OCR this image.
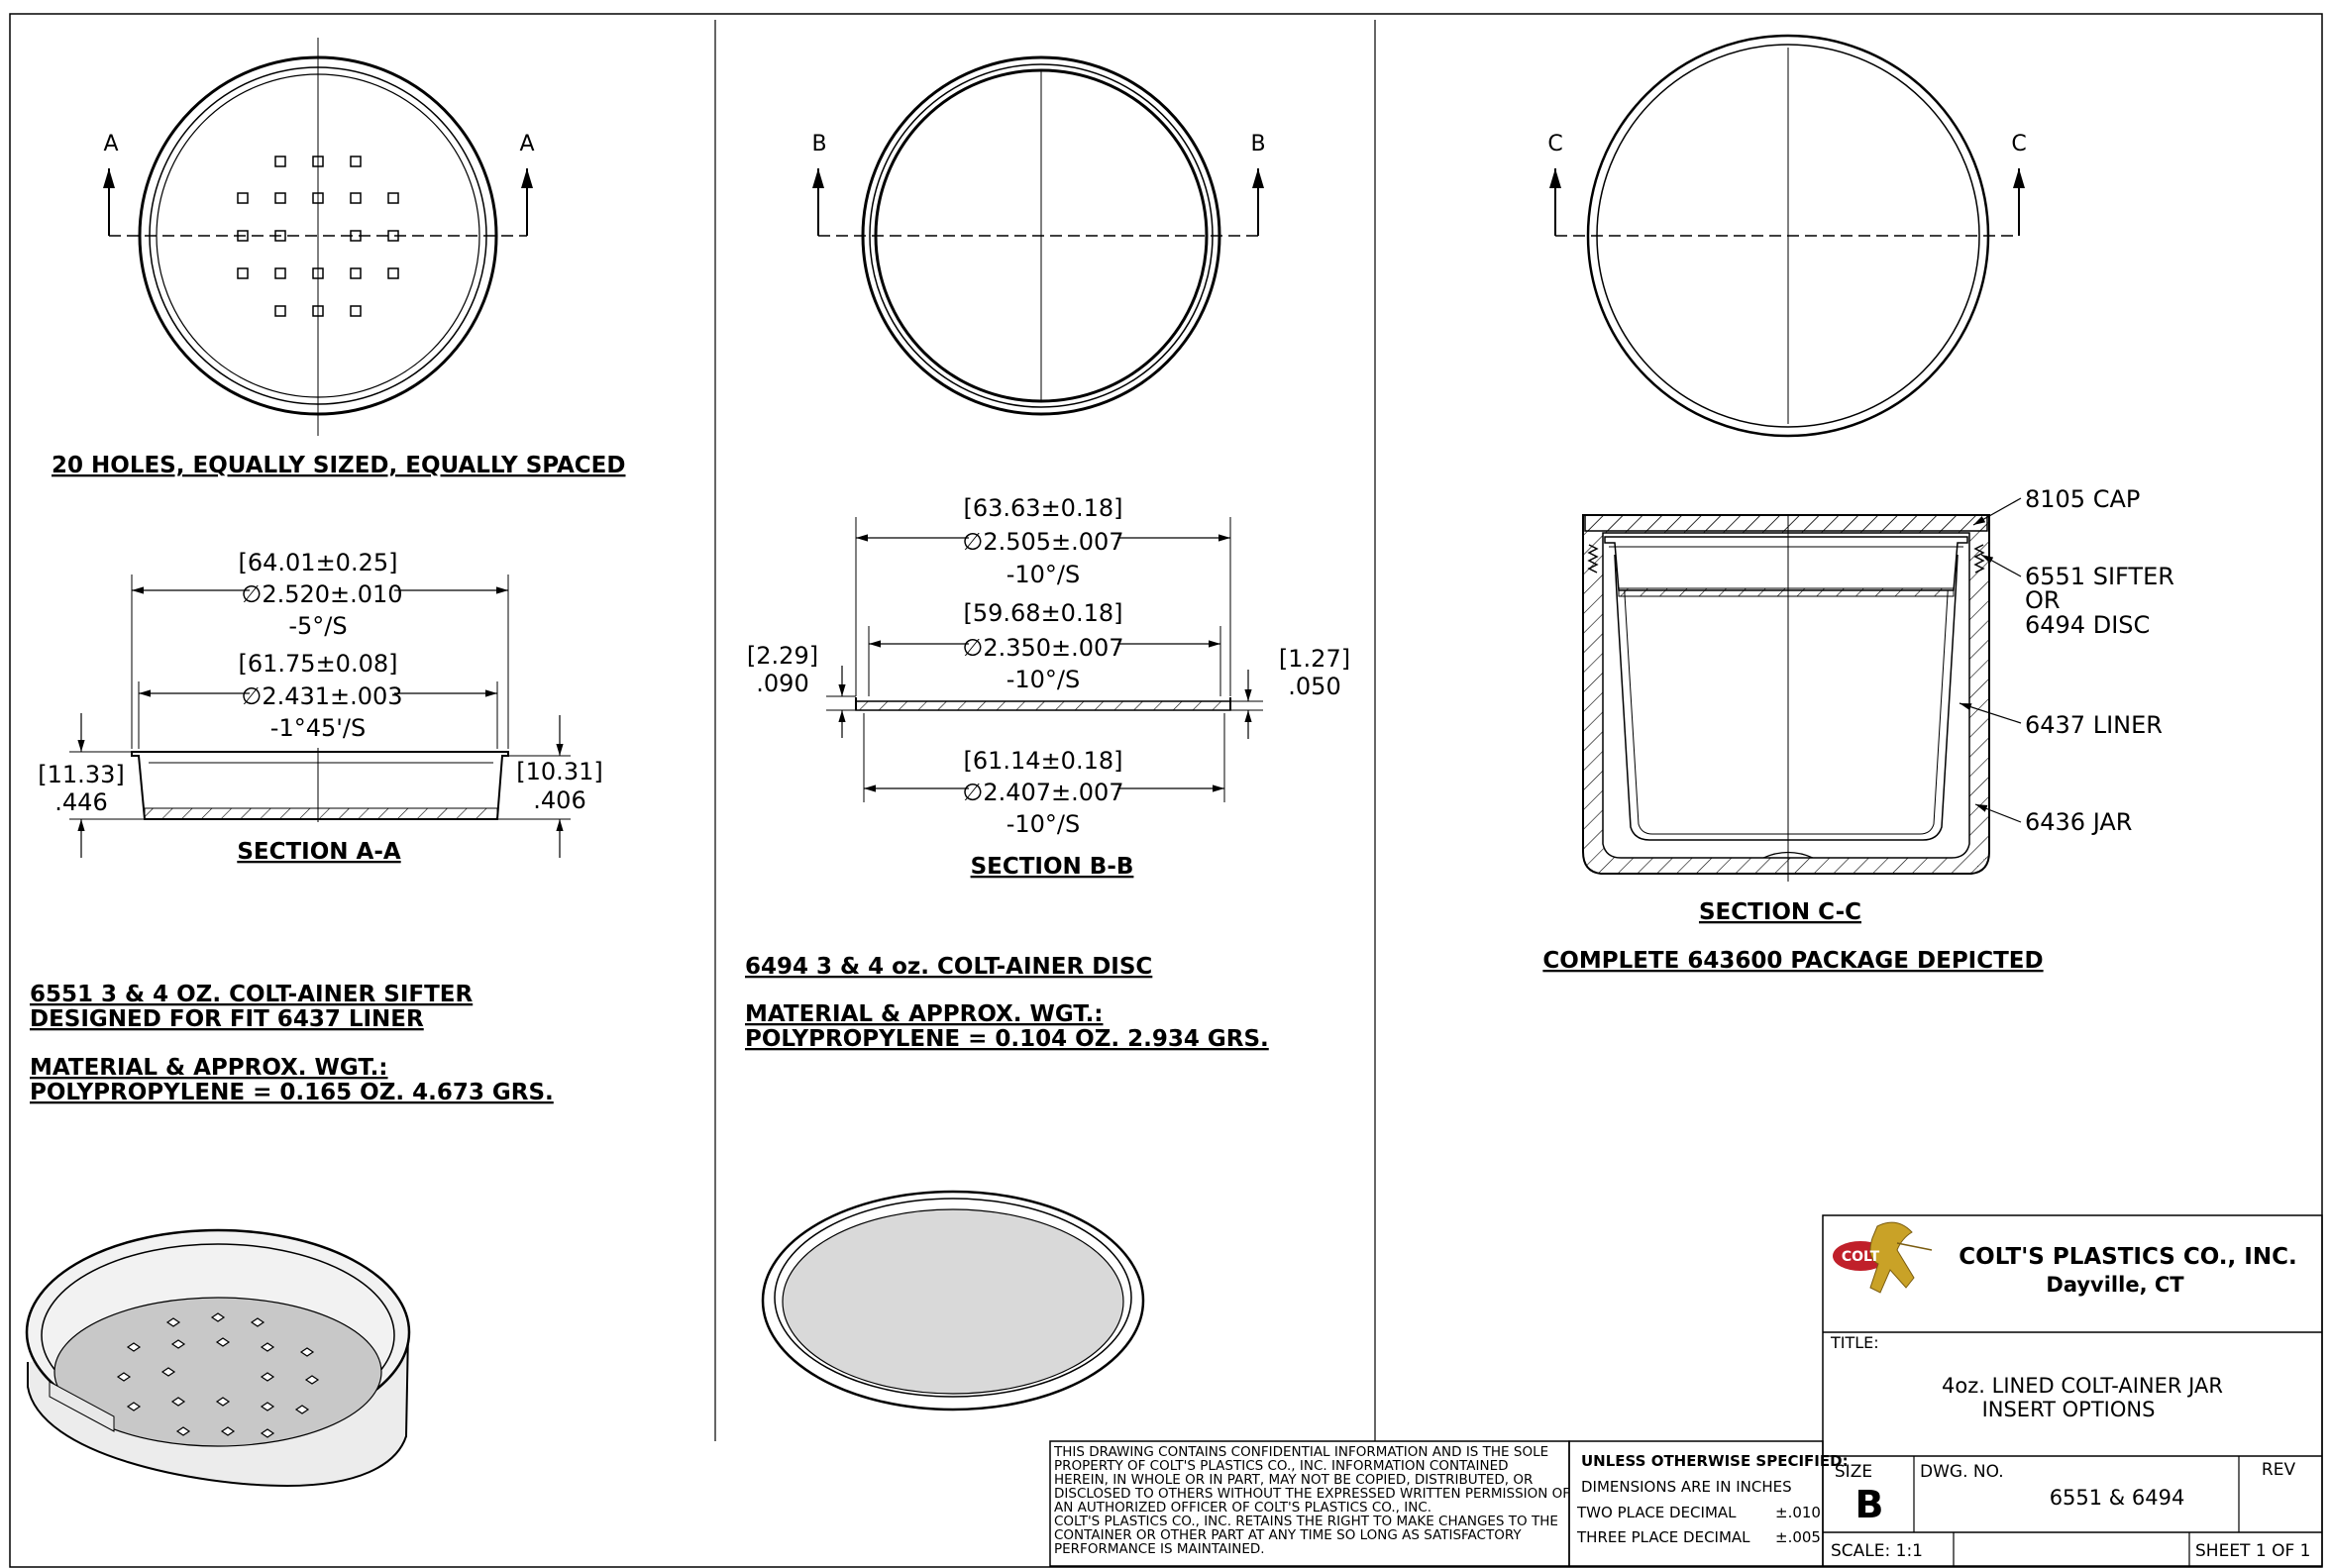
A	A
20 HOLES, EQUALLY SIZED, EQUALLY SPACED
[64.01±0.25]
∅2.520±.010
-5°/S
[61.75±0.08]
∅2.431±.003
-1°45'/S
[11.33]
.446
[10.31]
.406
SECTION A-A
6551 3 & 4 OZ. COLT-AINER SIFTER
DESIGNED FOR FIT 6437 LINER
MATERIAL & APPROX. WGT.:
POLYPROPYLENE = 0.165 OZ. 4.673 GRS.
B	B
[63.63±0.18]
∅2.505±.007
-10°/S
[59.68±0.18]
∅2.350±.007
-10°/S
[61.14±0.18]
∅2.407±.007
-10°/S
[2.29]
.090
[1.27]
.050
SECTION B-B
6494 3 & 4 oz. COLT-AINER DISC
MATERIAL & APPROX. WGT.:
POLYPROPYLENE = 0.104 OZ. 2.934 GRS.
C	C
8105 CAP
6551 SIFTER
OR
6494 DISC
6437 LINER
6436 JAR
SECTION C-C
COMPLETE 643600 PACKAGE DEPICTED
THIS DRAWING CONTAINS CONFIDENTIAL INFORMATION AND IS THE SOLE
PROPERTY OF COLT'S PLASTICS CO., INC. INFORMATION CONTAINED
HEREIN, IN WHOLE OR IN PART, MAY NOT BE COPIED, DISTRIBUTED, OR
DISCLOSED TO OTHERS WITHOUT THE EXPRESSED WRITTEN PERMISSION OF
AN AUTHORIZED OFFICER OF COLT'S PLASTICS CO., INC.
COLT'S PLASTICS CO., INC. RETAINS THE RIGHT TO MAKE CHANGES TO THE
CONTAINER OR OTHER PART AT ANY TIME SO LONG AS SATISFACTORY
PERFORMANCE IS MAINTAINED.
UNLESS OTHERWISE SPECIFIED:
DIMENSIONS ARE IN INCHES
TWO PLACE DECIMAL	±.010
THREE PLACE DECIMAL ±.005
COLT	COLT'S PLASTICS CO., INC.
Dayville, CT
TITLE:
4oz. LINED COLT-AINER JAR
INSERT OPTIONS
SIZE
B
DWG. NO.
6551 & 6494
REV
SCALE: 1:1	SHEET 1 OF 1
